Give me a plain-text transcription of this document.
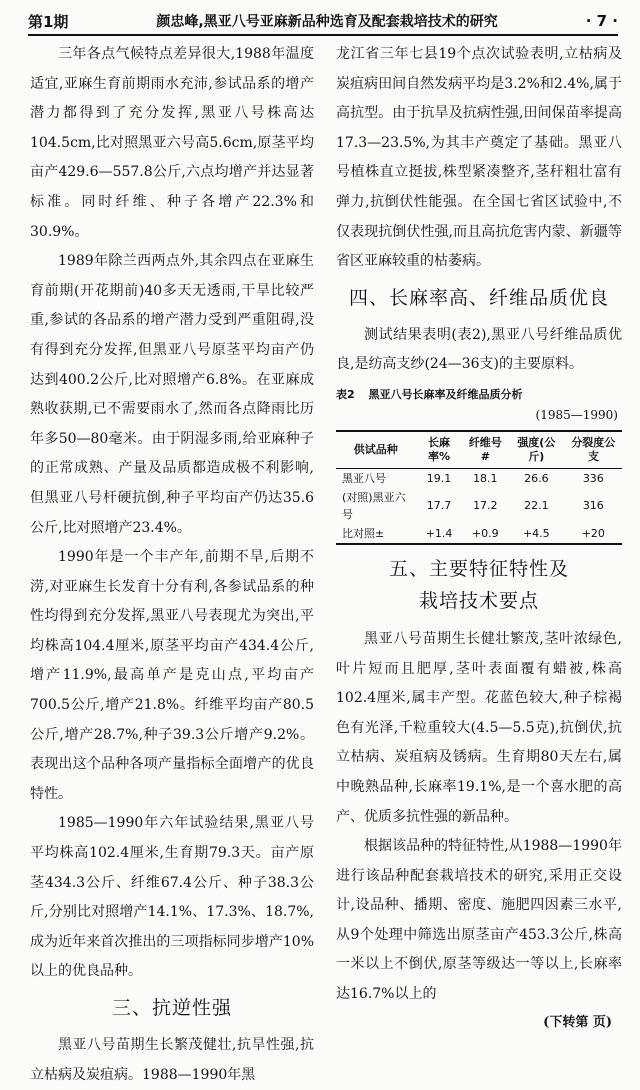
第1期	颜忠峰,黑亚八号亚麻新品种选育及配套栽培技术的研究	· 7 ·

三年各点气候特点差异很大,1988年温度适宜,亚麻生育前期雨水充沛,参试品系的增产潜力都得到了充分发挥,黑亚八号株高达104.5cm,比对照黑亚六号高5.6cm,原茎平均亩产429.6—557.8公斤,六点均增产并达显著标准。同时纤维、种子各增产22.3%和30.9%。

1989年除兰西两点外,其余四点在亚麻生育前期(开花期前)40多天无透雨,干旱比较严重,参试的各品系的增产潜力受到严重阻碍,没有得到充分发挥,但黑亚八号原茎平均亩产仍达到400.2公斤,比对照增产6.8%。在亚麻成熟收获期,已不需要雨水了,然而各点降雨比历年多50—80毫米。由于阴湿多雨,给亚麻种子的正常成熟、产量及品质都造成极不利影响,但黑亚八号杆硬抗倒,种子平均亩产仍达35.6公斤,比对照增产23.4%。

1990年是一个丰产年,前期不旱,后期不涝,对亚麻生长发育十分有利,各参试品系的种性均得到充分发挥,黑亚八号表现尤为突出,平均株高104.4厘米,原茎平均亩产434.4公斤,增产11.9%,最高单产是克山点,平均亩产700.5公斤,增产21.8%。纤维平均亩产80.5公斤,增产28.7%,种子39.3公斤增产9.2%。表现出这个品种各项产量指标全面增产的优良特性。

1985—1990年六年试验结果,黑亚八号平均株高102.4厘米,生育期79.3天。亩产原茎434.3公斤、纤维67.4公斤、种子38.3公斤,分别比对照增产14.1%、17.3%、18.7%,成为近年来首次推出的三项指标同步增产10%以上的优良品种。

三、抗逆性强

黑亚八号苗期生长繁茂健壮,抗旱性强,抗立枯病及炭疽病。1988—1990年黑

龙江省三年七县19个点次试验表明,立枯病及炭疽病田间自然发病平均是3.2%和2.4%,属于高抗型。由于抗旱及抗病性强,田间保苗率提高17.3—23.5%,为其丰产奠定了基础。黑亚八号植株直立挺拔,株型紧凑整齐,茎秆粗壮富有弹力,抗倒伏性能强。在全国七省区试验中,不仅表现抗倒伏性强,而且高抗危害内蒙、新疆等省区亚麻较重的枯萎病。

四、长麻率高、纤维品质优良

测试结果表明(表2),黑亚八号纤维品质优良,是纺高支纱(24—36支)的主要原料。

表2 黑亚八号长麻率及纤维品质分析
(1985—1990)
供试品种	长麻率%	纤维号#	强度(公斤)	分裂度公支
黑亚八号	19.1	18.1	26.6	336
(对照)黑亚六号	17.7	17.2	22.1	316
比对照±	+1.4	+0.9	+4.5	+20
五、主要特征特性及
栽培技术要点

黑亚八号苗期生长健壮繁茂,茎叶浓绿色,叶片短而且肥厚,茎叶表面覆有蜡被,株高102.4厘米,属丰产型。花蓝色较大,种子棕褐色有光泽,千粒重较大(4.5—5.5克),抗倒伏,抗立枯病、炭疽病及锈病。生育期80天左右,属中晚熟品种,长麻率19.1%,是一个喜水肥的高产、优质多抗性强的新品种。

根据该品种的特征特性,从1988—1990年进行该品种配套栽培技术的研究,采用正交设计,设品种、播期、密度、施肥四因素三水平,从9个处理中筛选出原茎亩产453.3公斤,株高一米以上不倒伏,原茎等级达一等以上,长麻率达16.7%以上的

(下转第 页)
